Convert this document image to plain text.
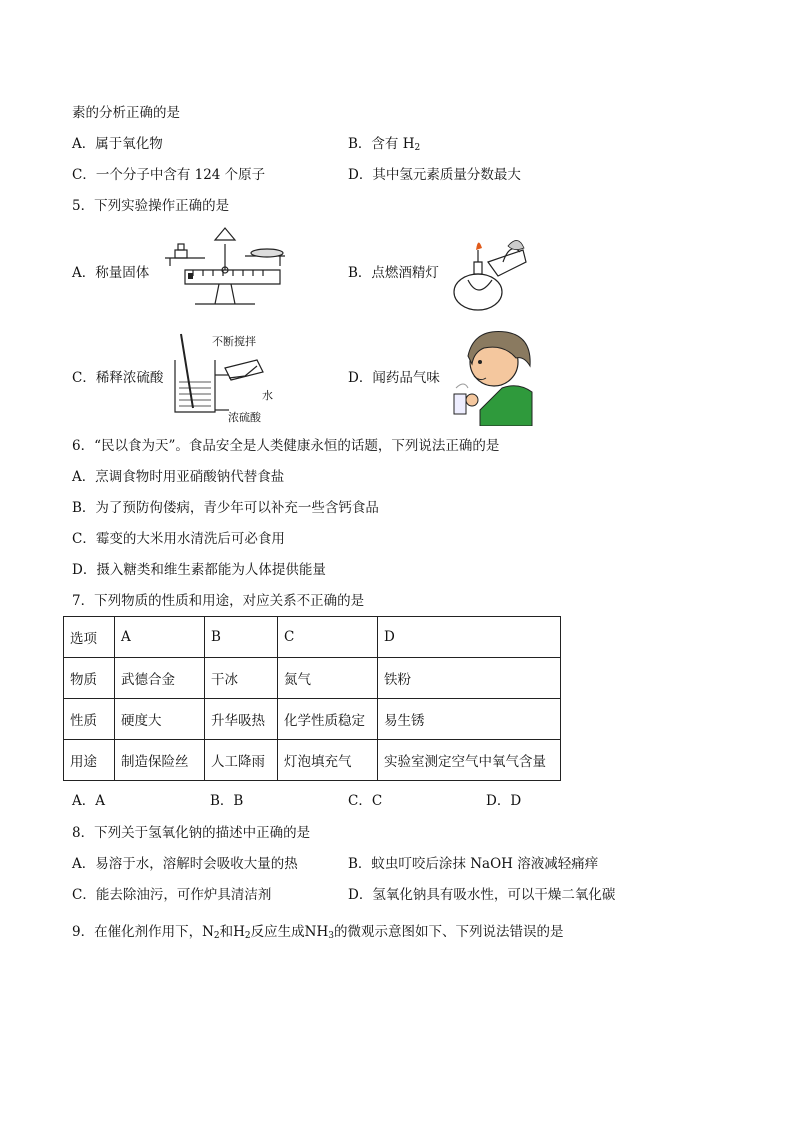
素的分析正确的是
A．属于氧化物	B．含有 $H_2$
C．一个分子中含有 124 个原子	D．其中氢元素质量分数最大
5．下列实验操作正确的是
A．称量固体	B．点燃酒精灯
C．稀释浓硫酸	D．闻药品气味
不断搅拌
水
浓硫酸
6．“民以食为天”。食品安全是人类健康永恒的话题，下列说法正确的是
A．烹调食物时用亚硝酸钠代替食盐
B．为了预防佝偻病，青少年可以补充一些含钙食品
C．霉变的大米用水清洗后可必食用
D．摄入糖类和维生素都能为人体提供能量
7．下列物质的性质和用途，对应关系不正确的是
选项	A	B	C	D
物质	武德合金	干冰	氮气	铁粉
性质	硬度大	升华吸热	化学性质稳定	易生锈
用途	制造保险丝	人工降雨	灯泡填充气	实验室测定空气中氧气含量
A．A	B．B	C．C	D．D
8．下列关于氢氧化钠的描述中正确的是
A．易溶于水，溶解时会吸收大量的热	B．蚊虫叮咬后涂抹 NaOH 溶液减轻痛痒
C．能去除油污，可作炉具清洁剂	D．氢氧化钠具有吸水性，可以干燥二氧化碳
9．在催化剂作用下，$N_2$和$H_2$反应生成$NH_3$的微观示意图如下、下列说法错误的是
